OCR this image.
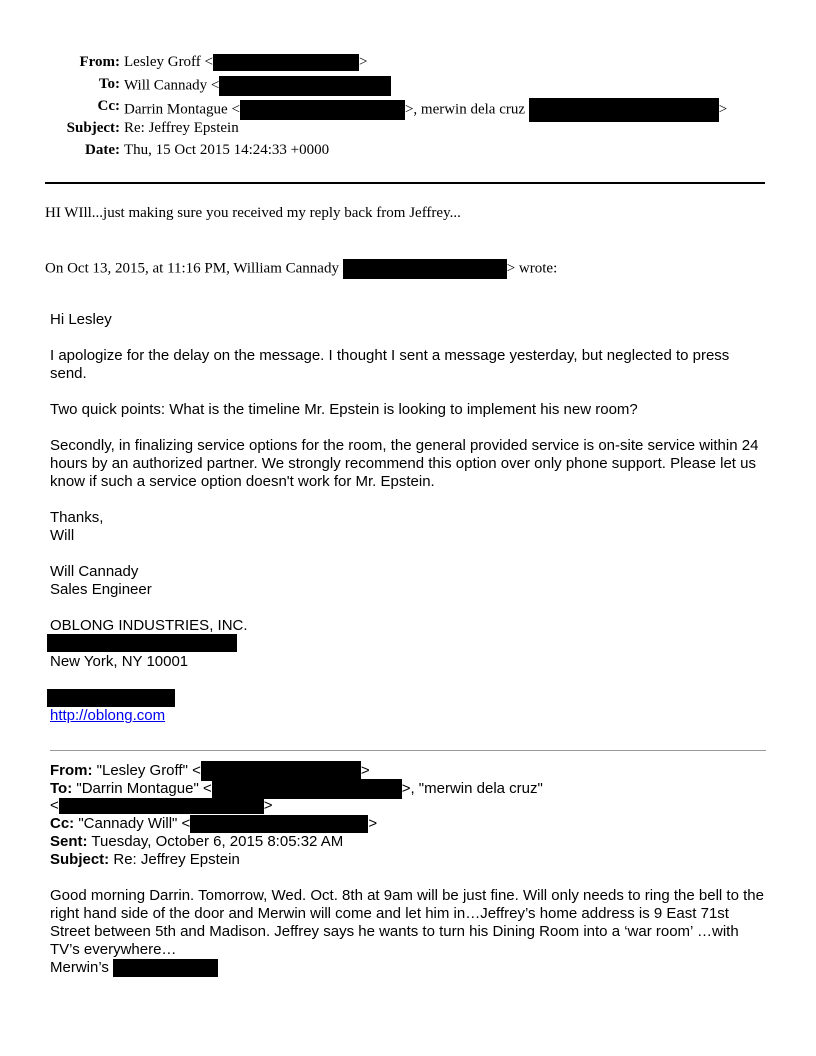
From: Lesley Groff <	>
To: Will Cannady <
Cc: Darrin Montague <	>, merwin dela cruz	>
Subject: Re: Jeffrey Epstein
Date: Thu, 15 Oct 2015 14:24:33 +0000
HI WIll...just making sure you received my reply back from Jeffrey...
On Oct 13, 2015, at 11:16 PM, William Cannady	> wrote:
Hi Lesley
I apologize for the delay on the message. I thought I sent a message yesterday, but neglected to press send.
Two quick points: What is the timeline Mr. Epstein is looking to implement his new room?
Secondly, in finalizing service options for the room, the general provided service is on-site service within 24 hours by an authorized partner. We strongly recommend this option over only phone support. Please let us know if such a service option doesn't work for Mr. Epstein.
Thanks,
Will
Will Cannady
Sales Engineer
OBLONG INDUSTRIES, INC.
New York, NY 10001
http://oblong.com
From: "Lesley Groff" <	>
To: "Darrin Montague" <	>, "merwin dela cruz"
<	>
Cc: "Cannady Will" <	>
Sent: Tuesday, October 6, 2015 8:05:32 AM
Subject: Re: Jeffrey Epstein
Good morning Darrin. Tomorrow, Wed. Oct. 8th at 9am will be just fine. Will only needs to ring the bell to the right hand side of the door and Merwin will come and let him in…Jeffrey’s home address is 9 East 71st Street between 5th and Madison. Jeffrey says he wants to turn his Dining Room into a ‘war room’ …with TV’s everywhere…
Merwin’s
